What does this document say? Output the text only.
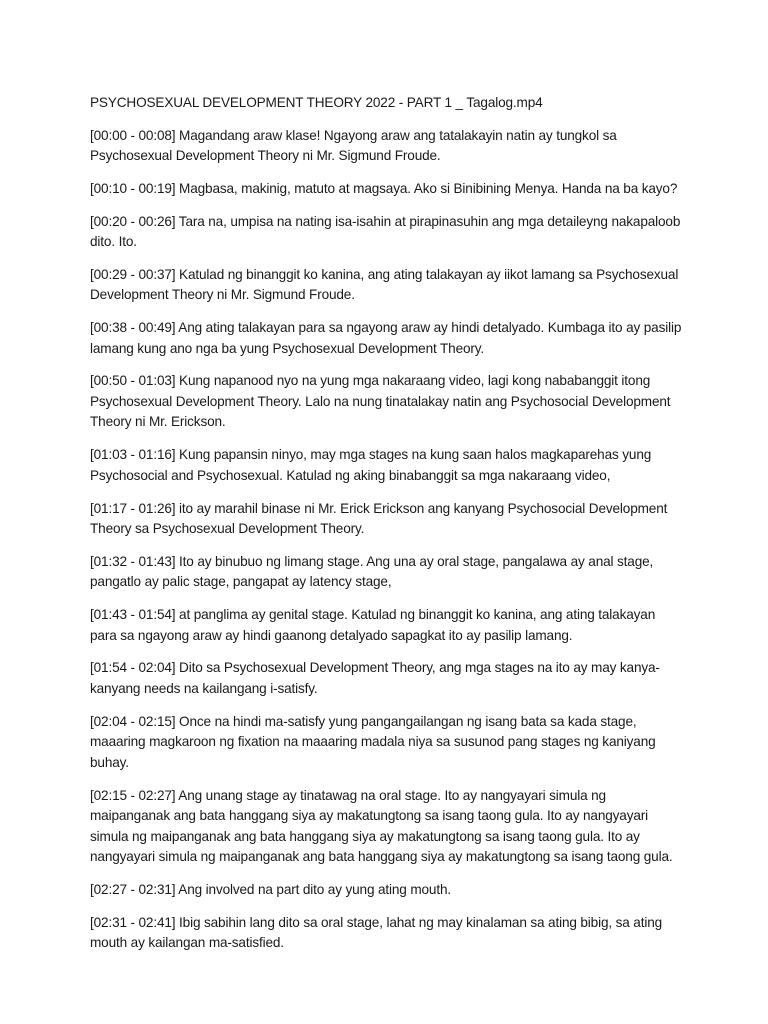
PSYCHOSEXUAL DEVELOPMENT THEORY 2022 - PART 1 _ Tagalog.mp4

[00:00 - 00:08] Magandang araw klase! Ngayong araw ang tatalakayin natin ay tungkol sa Psychosexual Development Theory ni Mr. Sigmund Froude.

[00:10 - 00:19] Magbasa, makinig, matuto at magsaya. Ako si Binibining Menya. Handa na ba kayo?

[00:20 - 00:26] Tara na, umpisa na nating isa-isahin at pirapinasuhin ang mga detaileyng nakapaloob dito. Ito.

[00:29 - 00:37] Katulad ng binanggit ko kanina, ang ating talakayan ay iikot lamang sa Psychosexual Development Theory ni Mr. Sigmund Froude.

[00:38 - 00:49] Ang ating talakayan para sa ngayong araw ay hindi detalyado. Kumbaga ito ay pasilip lamang kung ano nga ba yung Psychosexual Development Theory.

[00:50 - 01:03] Kung napanood nyo na yung mga nakaraang video, lagi kong nababanggit itong Psychosexual Development Theory. Lalo na nung tinatalakay natin ang Psychosocial Development Theory ni Mr. Erickson.

[01:03 - 01:16] Kung papansin ninyo, may mga stages na kung saan halos magkaparehas yung Psychosocial and Psychosexual. Katulad ng aking binabanggit sa mga nakaraang video,

[01:17 - 01:26] ito ay marahil binase ni Mr. Erick Erickson ang kanyang Psychosocial Development Theory sa Psychosexual Development Theory.

[01:32 - 01:43] Ito ay binubuo ng limang stage. Ang una ay oral stage, pangalawa ay anal stage, pangatlo ay palic stage, pangapat ay latency stage,

[01:43 - 01:54] at panglima ay genital stage. Katulad ng binanggit ko kanina, ang ating talakayan para sa ngayong araw ay hindi gaanong detalyado sapagkat ito ay pasilip lamang.

[01:54 - 02:04] Dito sa Psychosexual Development Theory, ang mga stages na ito ay may kanya-kanyang needs na kailangang i-satisfy.

[02:04 - 02:15] Once na hindi ma-satisfy yung pangangailangan ng isang bata sa kada stage, maaaring magkaroon ng fixation na maaaring madala niya sa susunod pang stages ng kaniyang buhay.

[02:15 - 02:27] Ang unang stage ay tinatawag na oral stage. Ito ay nangyayari simula ng maipanganak ang bata hanggang siya ay makatungtong sa isang taong gula. Ito ay nangyayari simula ng maipanganak ang bata hanggang siya ay makatungtong sa isang taong gula. Ito ay nangyayari simula ng maipanganak ang bata hanggang siya ay makatungtong sa isang taong gula.

[02:27 - 02:31] Ang involved na part dito ay yung ating mouth.

[02:31 - 02:41] Ibig sabihin lang dito sa oral stage, lahat ng may kinalaman sa ating bibig, sa ating mouth ay kailangan ma-satisfied.
